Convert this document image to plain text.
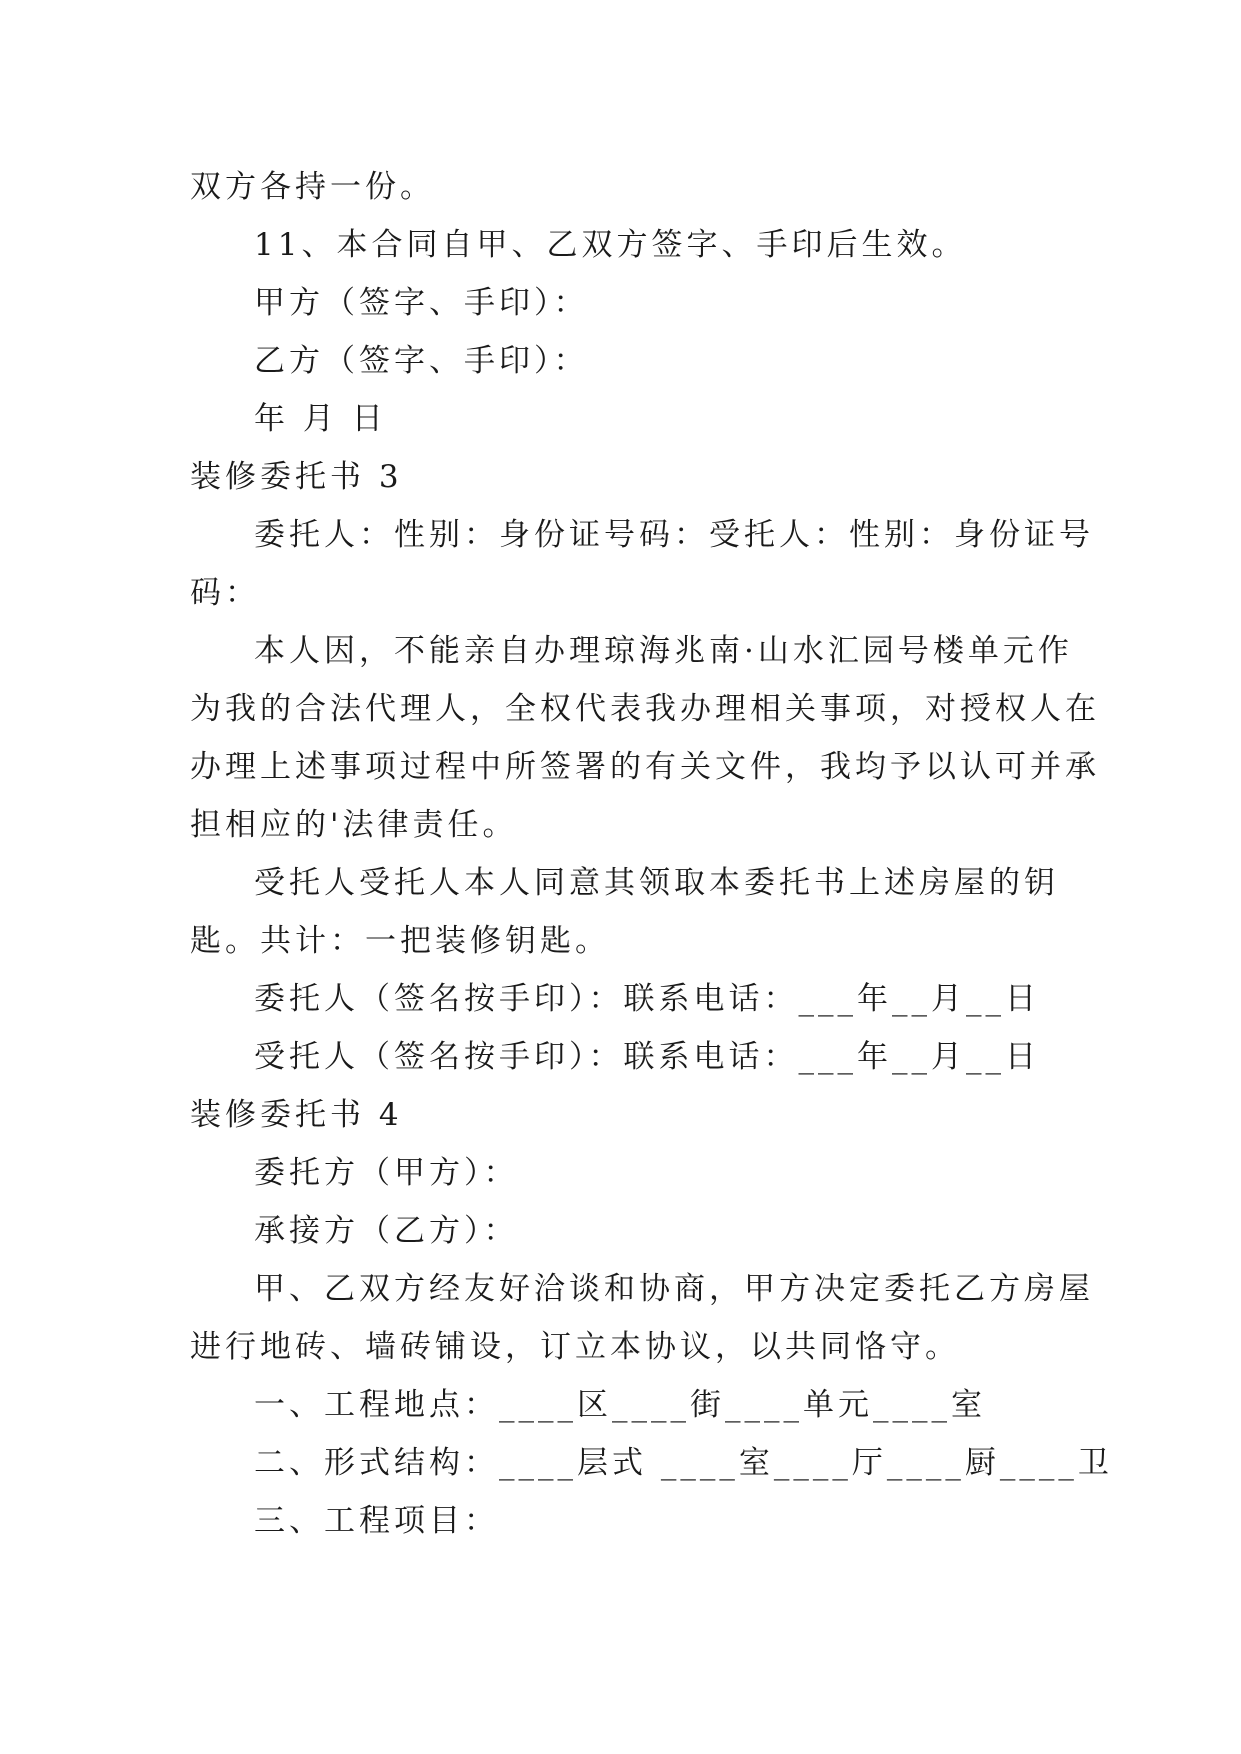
双方各持一份。
11、本合同自甲、乙双方签字、手印后生效。
甲方（签字、手印）：
乙方（签字、手印）：
年 月 日
装修委托书 3
委托人：性别：身份证号码：受托人：性别：身份证号
码：
本人因，不能亲自办理琼海兆南·山水汇园号楼单元作
为我的合法代理人，全权代表我办理相关事项，对授权人在
办理上述事项过程中所签署的有关文件，我均予以认可并承
担相应的'法律责任。
受托人受托人本人同意其领取本委托书上述房屋的钥
匙。共计：一把装修钥匙。
委托人（签名按手印）：联系电话：___年__月__日
受托人（签名按手印）：联系电话：___年__月__日
装修委托书 4
委托方（甲方）：
承接方（乙方）：
甲、乙双方经友好洽谈和协商，甲方决定委托乙方房屋
进行地砖、墙砖铺设，订立本协议，以共同恪守。
一、工程地点：____区____街____单元____室
二、形式结构：____层式 ____室____厅____厨____卫
三、工程项目：
